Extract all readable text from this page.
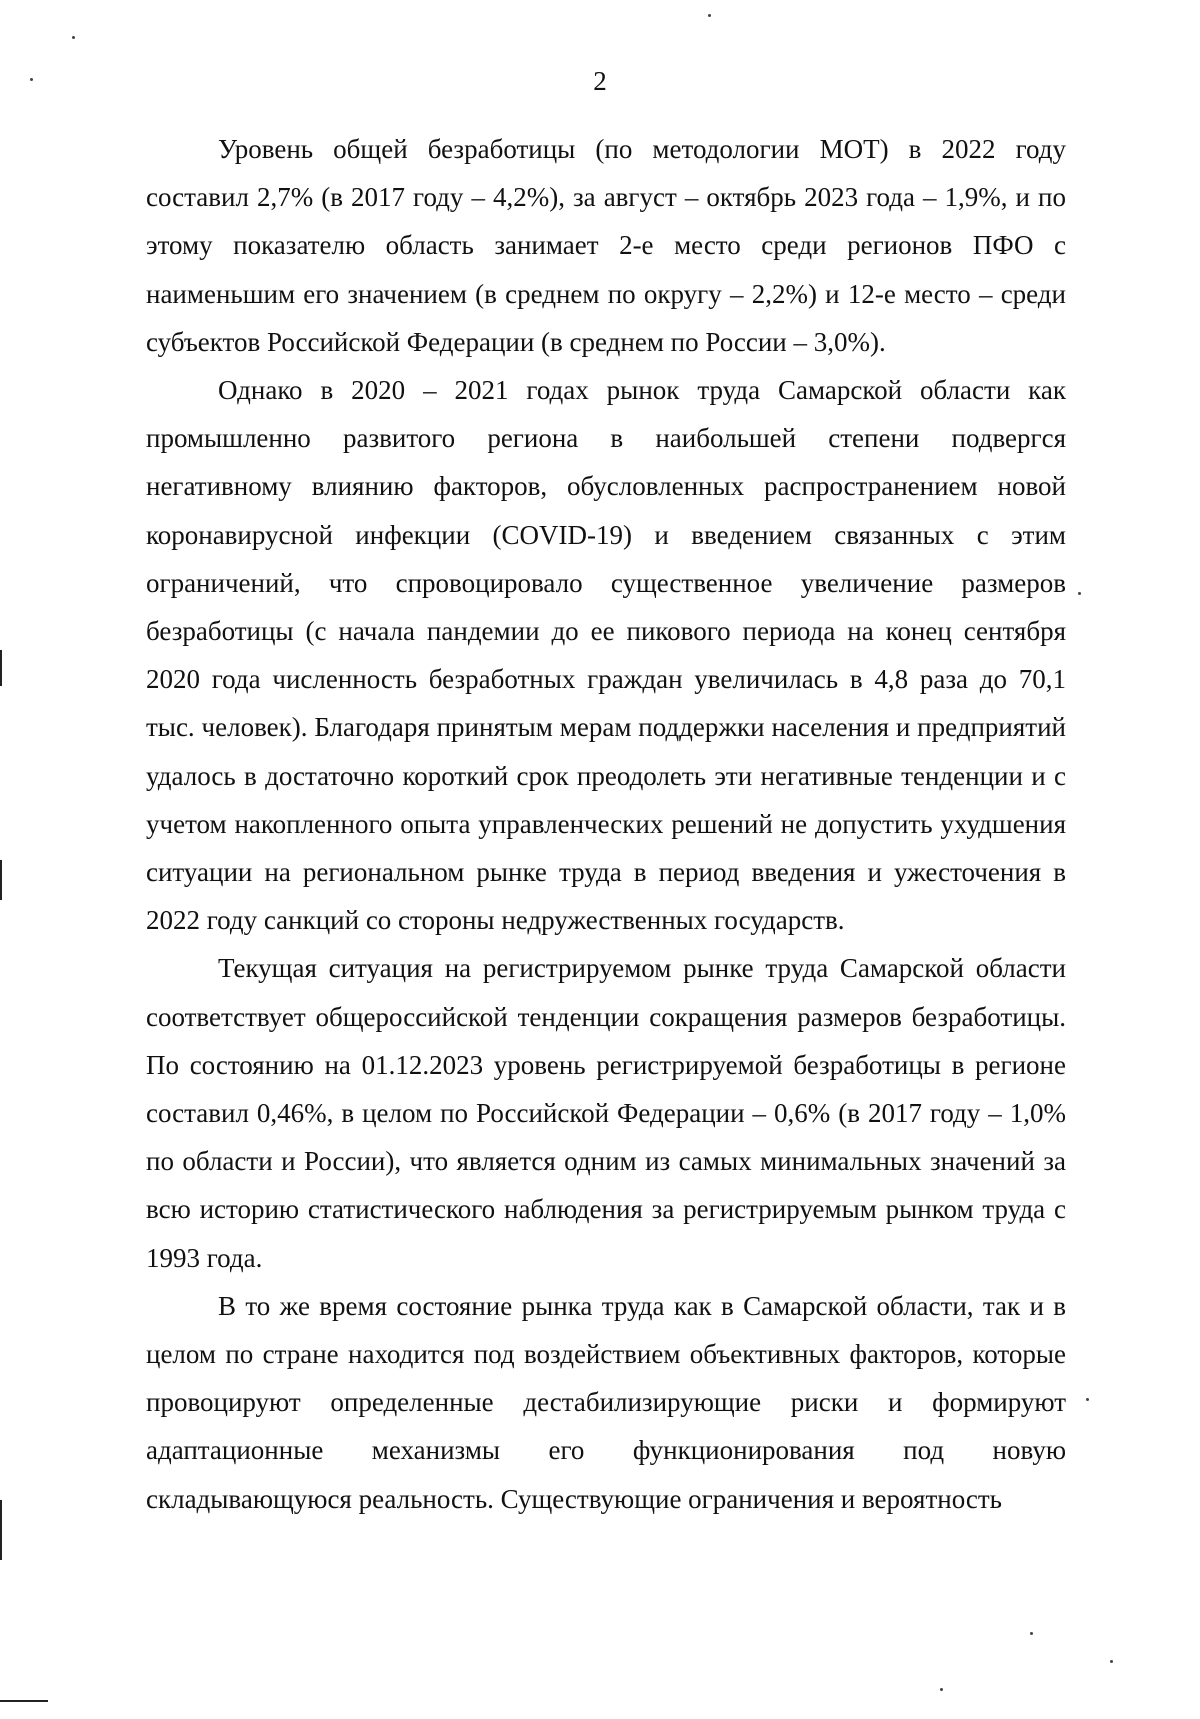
2

Уровень общей безработицы (по методологии МОТ) в 2022 году составил 2,7% (в 2017 году – 4,2%), за август – октябрь 2023 года – 1,9%, и по этому показателю область занимает 2-е место среди регионов ПФО с наименьшим его значением (в среднем по округу – 2,2%) и 12-е место – среди субъектов Российской Федерации (в среднем по России – 3,0%).

Однако в 2020 – 2021 годах рынок труда Самарской области как промышленно развитого региона в наибольшей степени подвергся негативному влиянию факторов, обусловленных распространением новой коронавирусной инфекции (COVID-19) и введением связанных с этим ограничений, что спровоцировало существенное увеличение размеров безработицы (с начала пандемии до ее пикового периода на конец сентября 2020 года численность безработных граждан увеличилась в 4,8 раза до 70,1 тыс. человек). Благодаря принятым мерам поддержки населения и предприятий удалось в достаточно короткий срок преодолеть эти негативные тенденции и с учетом накопленного опыта управленческих решений не допустить ухудшения ситуации на региональном рынке труда в период введения и ужесточения в 2022 году санкций со стороны недружественных государств.

Текущая ситуация на регистрируемом рынке труда Самарской области соответствует общероссийской тенденции сокращения размеров безработицы. По состоянию на 01.12.2023 уровень регистрируемой безработицы в регионе составил 0,46%, в целом по Российской Федерации – 0,6% (в 2017 году – 1,0% по области и России), что является одним из самых минимальных значений за всю историю статистического наблюдения за регистрируемым рынком труда с 1993 года.

В то же время состояние рынка труда как в Самарской области, так и в целом по стране находится под воздействием объективных факторов, которые провоцируют определенные дестабилизирующие риски и формируют адаптационные механизмы его функционирования под новую складывающуюся реальность. Существующие ограничения и вероятность
